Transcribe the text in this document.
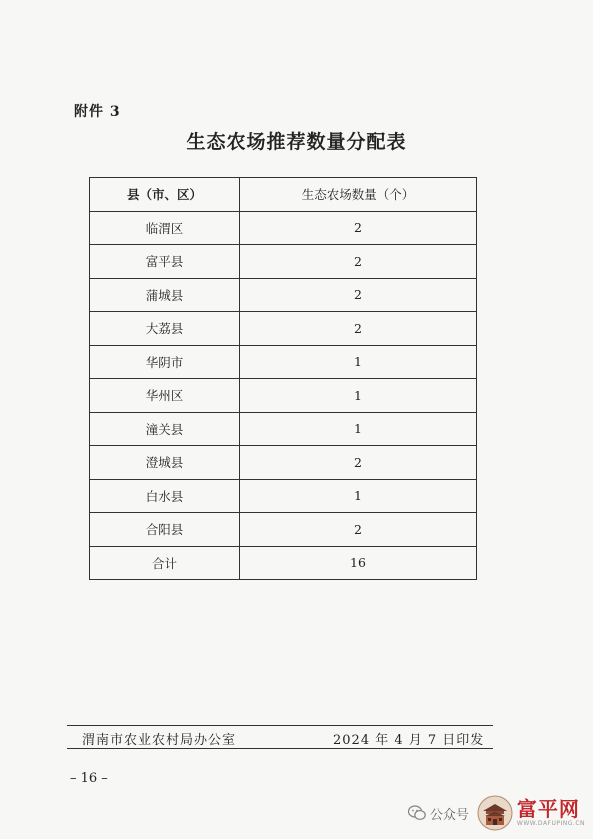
附件 3
生态农场推荐数量分配表
县（市、区）	生态农场数量（个）
临渭区	2
富平县	2
蒲城县	2
大荔县	2
华阴市	1
华州区	1
潼关县	1
澄城县	2
白水县	1
合阳县	2
合计	16
渭南市农业农村局办公室	2024 年 4 月 7 日印发
– 16 –
公众号 富平网
WWW.DAFUPING.CN
